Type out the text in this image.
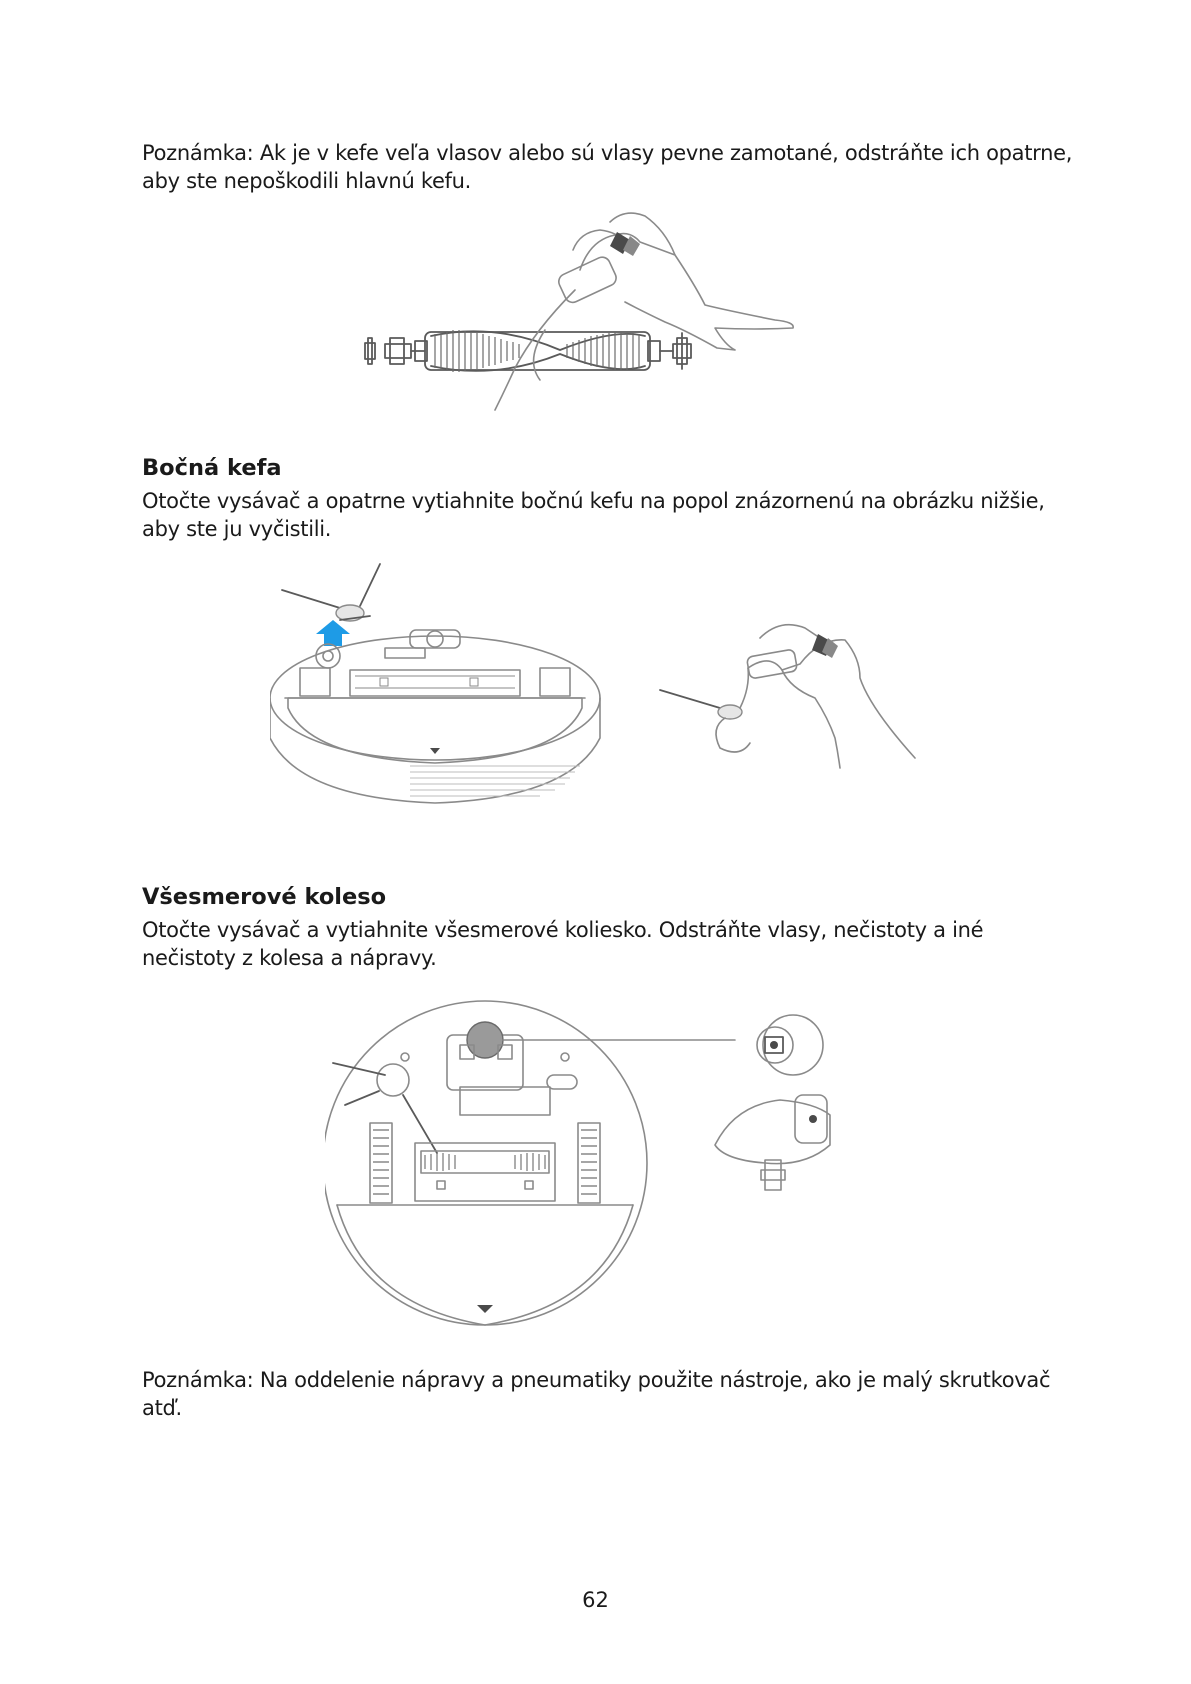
Poznámka: Ak je v kefe veľa vlasov alebo sú vlasy pevne zamotané, odstráňte ich opatrne,
aby ste nepoškodili hlavnú kefu.
Bočná kefa
Otočte vysávač a opatrne vytiahnite bočnú kefu na popol znázornenú na obrázku nižšie,
aby ste ju vyčistili.
Všesmerové koleso
Otočte vysávač a vytiahnite všesmerové koliesko. Odstráňte vlasy, nečistoty a iné
nečistoty z kolesa a nápravy.
Poznámka: Na oddelenie nápravy a pneumatiky použite nástroje, ako je malý skrutkovač
atď.
62
